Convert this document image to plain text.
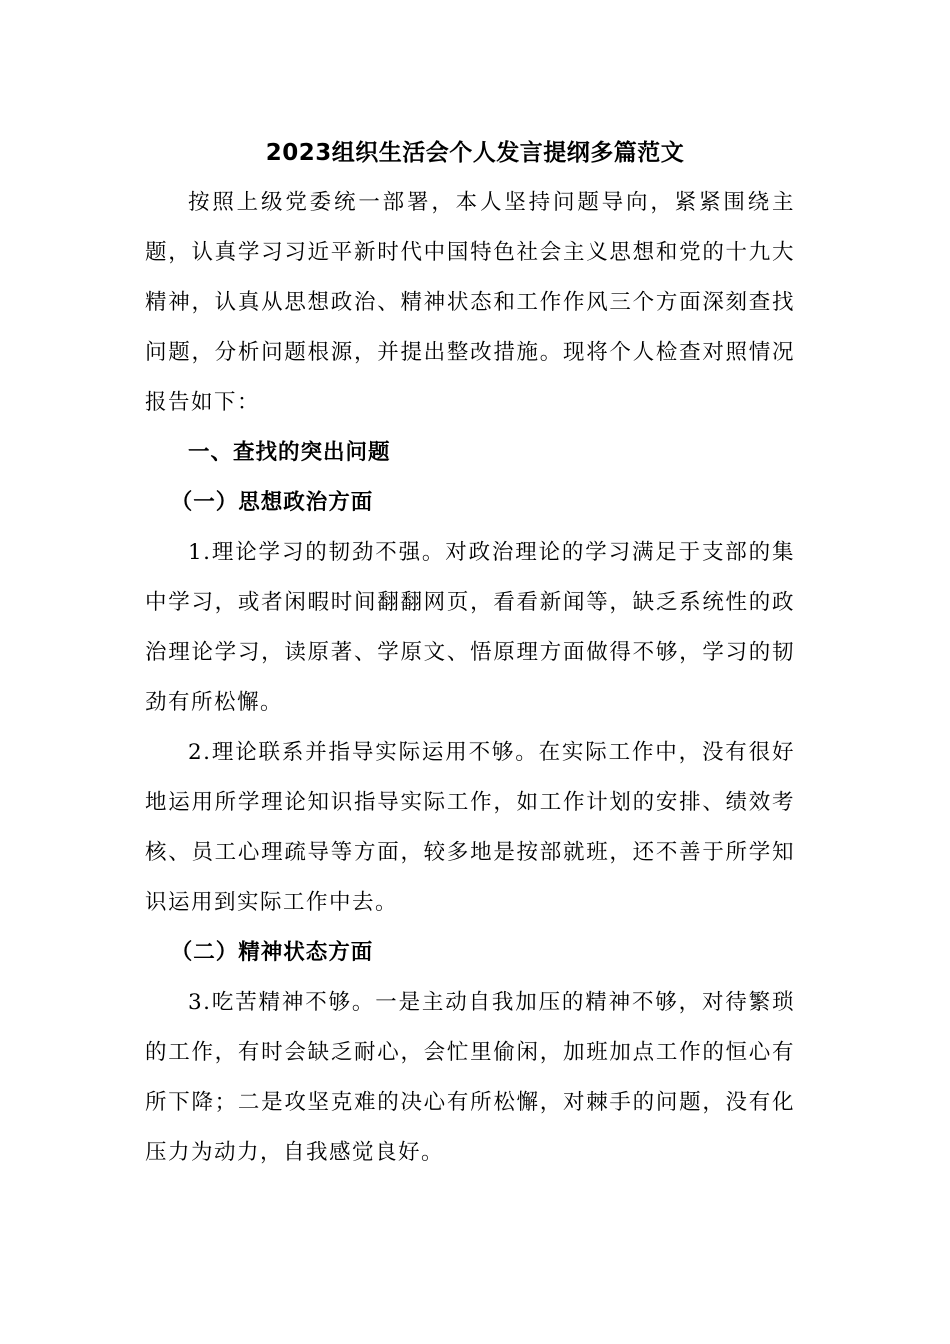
2023组织生活会个人发言提纲多篇范文

按照上级党委统一部署，本人坚持问题导向，紧紧围绕主题，认真学习习近平新时代中国特色社会主义思想和党的十九大精神，认真从思想政治、精神状态和工作作风三个方面深刻查找问题，分析问题根源，并提出整改措施。现将个人检查对照情况报告如下：

一、查找的突出问题

（一）思想政治方面

1.理论学习的韧劲不强。对政治理论的学习满足于支部的集中学习，或者闲暇时间翻翻网页，看看新闻等，缺乏系统性的政治理论学习，读原著、学原文、悟原理方面做得不够，学习的韧劲有所松懈。

2.理论联系并指导实际运用不够。在实际工作中，没有很好地运用所学理论知识指导实际工作，如工作计划的安排、绩效考核、员工心理疏导等方面，较多地是按部就班，还不善于所学知识运用到实际工作中去。

（二）精神状态方面

3.吃苦精神不够。一是主动自我加压的精神不够，对待繁琐的工作，有时会缺乏耐心，会忙里偷闲，加班加点工作的恒心有所下降；二是攻坚克难的决心有所松懈，对棘手的问题，没有化压力为动力，自我感觉良好。
